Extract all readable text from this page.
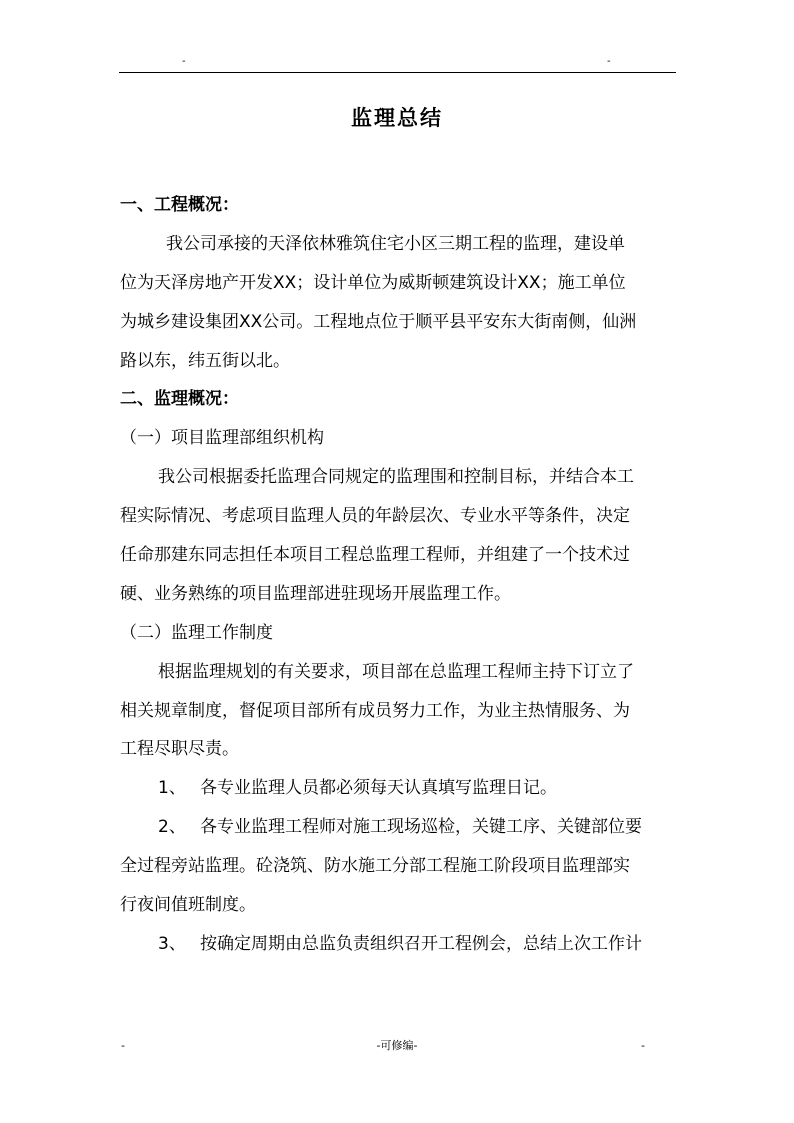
-	-
监理总结
一、工程概况：
我公司承接的天泽依林雅筑住宅小区三期工程的监理，建设单
位为天泽房地产开发XX；设计单位为威斯顿建筑设计XX；施工单位
为城乡建设集团XX公司。工程地点位于顺平县平安东大街南侧，仙洲
路以东，纬五街以北。
二、监理概况：
（一）项目监理部组织机构
我公司根据委托监理合同规定的监理围和控制目标，并结合本工
程实际情况、考虑项目监理人员的年龄层次、专业水平等条件，决定
任命那建东同志担任本项目工程总监理工程师，并组建了一个技术过
硬、业务熟练的项目监理部进驻现场开展监理工作。
（二）监理工作制度
根据监理规划的有关要求，项目部在总监理工程师主持下订立了
相关规章制度，督促项目部所有成员努力工作，为业主热情服务、为
工程尽职尽责。
1、 各专业监理人员都必须每天认真填写监理日记。
2、 各专业监理工程师对施工现场巡检，关键工序、关键部位要
全过程旁站监理。砼浇筑、防水施工分部工程施工阶段项目监理部实
行夜间值班制度。
3、 按确定周期由总监负责组织召开工程例会，总结上次工作计
-	-可修编-	-
